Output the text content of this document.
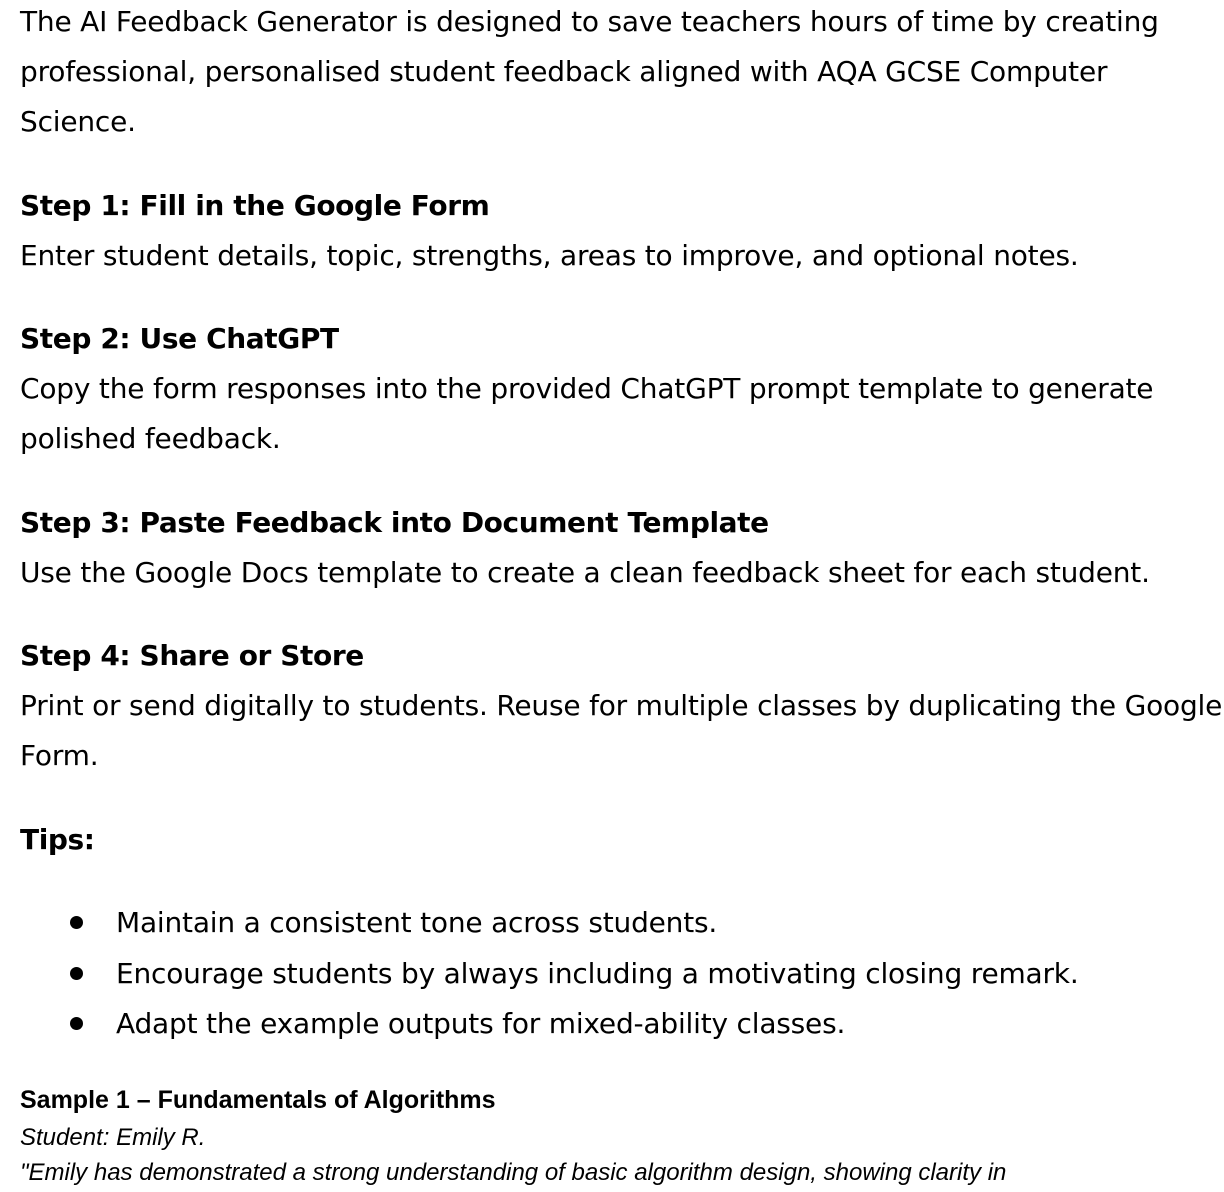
The AI Feedback Generator is designed to save teachers hours of time by creating professional, personalised student feedback aligned with AQA GCSE Computer Science.

Step 1: Fill in the Google Form

Enter student details, topic, strengths, areas to improve, and optional notes.

Step 2: Use ChatGPT

Copy the form responses into the provided ChatGPT prompt template to generate polished feedback.

Step 3: Paste Feedback into Document Template

Use the Google Docs template to create a clean feedback sheet for each student.

Step 4: Share or Store

Print or send digitally to students. Reuse for multiple classes by duplicating the Google Form.

Tips:

Maintain a consistent tone across students.
Encourage students by always including a motivating closing remark.
Adapt the example outputs for mixed-ability classes.

Sample 1 – Fundamentals of Algorithms

Student: Emily R.

"Emily has demonstrated a strong understanding of basic algorithm design, showing clarity in
